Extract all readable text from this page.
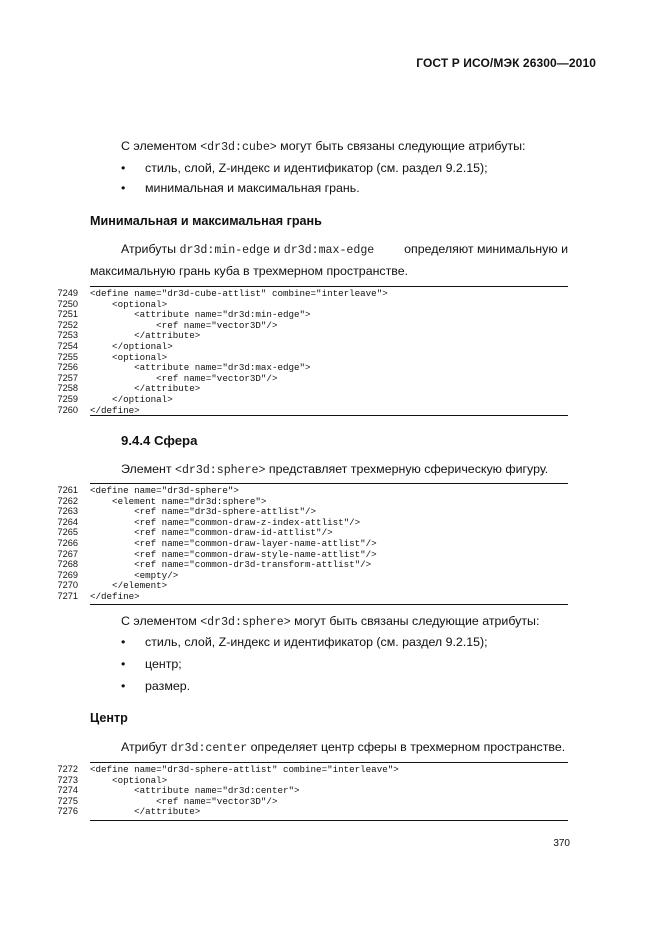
ГОСТ Р ИСО/МЭК 26300—2010
С элементом <dr3d:cube> могут быть связаны следующие атрибуты:
• стиль, слой, Z-индекс и идентификатор (см. раздел 9.2.15);
• минимальная и максимальная грань.
Минимальная и максимальная грань
Атрибуты dr3d:min-edge и dr3d:max-edge определяют минимальную и
максимальную грань куба в трехмерном пространстве.
<define name="dr3d-cube-attlist" combine="interleave">
<optional>
<attribute name="dr3d:min-edge">
<ref name="vector3D"/>
</attribute>
</optional>
<optional>
<attribute name="dr3d:max-edge">
<ref name="vector3D"/>
</attribute>
</optional>
</define>
7249
7250
7251
7252
7253
7254
7255
7256
7257
7258
7259
7260
9.4.4 Сфера
Элемент <dr3d:sphere> представляет трехмерную сферическую фигуру.
<define name="dr3d-sphere">
<element name="dr3d:sphere">
<ref name="dr3d-sphere-attlist"/>
<ref name="common-draw-z-index-attlist"/>
<ref name="common-draw-id-attlist"/>
<ref name="common-draw-layer-name-attlist"/>
<ref name="common-draw-style-name-attlist"/>
<ref name="common-dr3d-transform-attlist"/>
<empty/>
</element>
</define>
7261
7262
7263
7264
7265
7266
7267
7268
7269
7270
7271
С элементом <dr3d:sphere> могут быть связаны следующие атрибуты:
• стиль, слой, Z-индекс и идентификатор (см. раздел 9.2.15);
• центр;
• размер.
Центр
Атрибут dr3d:center определяет центр сферы в трехмерном пространстве.
<define name="dr3d-sphere-attlist" combine="interleave">
<optional>
<attribute name="dr3d:center">
<ref name="vector3D"/>
</attribute>
7272
7273
7274
7275
7276
370
